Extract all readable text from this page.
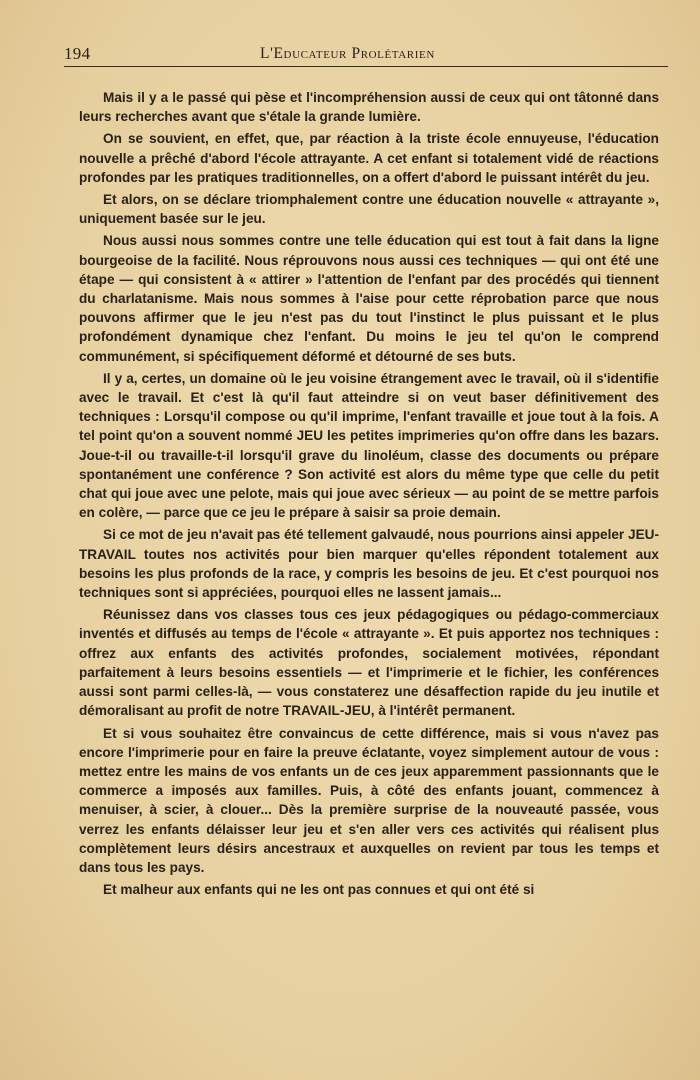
194	L'Educateur Prolétarien

Mais il y a le passé qui pèse et l'incompréhension aussi de ceux qui ont tâtonné dans leurs recherches avant que s'étale la grande lumière.

On se souvient, en effet, que, par réaction à la triste école ennuyeuse, l'éducation nouvelle a prêché d'abord l'école attrayante. A cet enfant si totalement vidé de réactions profondes par les pratiques traditionnelles, on a offert d'abord le puissant intérêt du jeu.

Et alors, on se déclare triomphalement contre une éducation nouvelle « attrayante », uniquement basée sur le jeu.

Nous aussi nous sommes contre une telle éducation qui est tout à fait dans la ligne bourgeoise de la facilité. Nous réprouvons nous aussi ces techniques — qui ont été une étape — qui consistent à « attirer » l'attention de l'enfant par des procédés qui tiennent du charlatanisme. Mais nous sommes à l'aise pour cette réprobation parce que nous pouvons affirmer que le jeu n'est pas du tout l'instinct le plus puissant et le plus profondément dynamique chez l'enfant. Du moins le jeu tel qu'on le comprend communément, si spécifiquement déformé et détourné de ses buts.

Il y a, certes, un domaine où le jeu voisine étrangement avec le travail, où il s'identifie avec le travail. Et c'est là qu'il faut atteindre si on veut baser définitivement des techniques : Lorsqu'il compose ou qu'il imprime, l'enfant travaille et joue tout à la fois. A tel point qu'on a souvent nommé JEU les petites imprimeries qu'on offre dans les bazars. Joue-t-il ou travaille-t-il lorsqu'il grave du linoléum, classe des documents ou prépare spontanément une conférence ? Son activité est alors du même type que celle du petit chat qui joue avec une pelote, mais qui joue avec sérieux — au point de se mettre parfois en colère, — parce que ce jeu le prépare à saisir sa proie demain.

Si ce mot de jeu n'avait pas été tellement galvaudé, nous pourrions ainsi appeler JEU-TRAVAIL toutes nos activités pour bien marquer qu'elles répondent totalement aux besoins les plus profonds de la race, y compris les besoins de jeu. Et c'est pourquoi nos techniques sont si appréciées, pourquoi elles ne lassent jamais...

Réunissez dans vos classes tous ces jeux pédagogiques ou pédago-commerciaux inventés et diffusés au temps de l'école « attrayante ». Et puis apportez nos techniques : offrez aux enfants des activités profondes, socialement motivées, répondant parfaitement à leurs besoins essentiels — et l'imprimerie et le fichier, les conférences aussi sont parmi celles-là, — vous constaterez une désaffection rapide du jeu inutile et démoralisant au profit de notre TRAVAIL-JEU, à l'intérêt permanent.

Et si vous souhaitez être convaincus de cette différence, mais si vous n'avez pas encore l'imprimerie pour en faire la preuve éclatante, voyez simplement autour de vous : mettez entre les mains de vos enfants un de ces jeux apparemment passionnants que le commerce a imposés aux familles. Puis, à côté des enfants jouant, commencez à menuiser, à scier, à clouer... Dès la première surprise de la nouveauté passée, vous verrez les enfants délaisser leur jeu et s'en aller vers ces activités qui réalisent plus complètement leurs désirs ancestraux et auxquelles on revient par tous les temps et dans tous les pays.

Et malheur aux enfants qui ne les ont pas connues et qui ont été si
